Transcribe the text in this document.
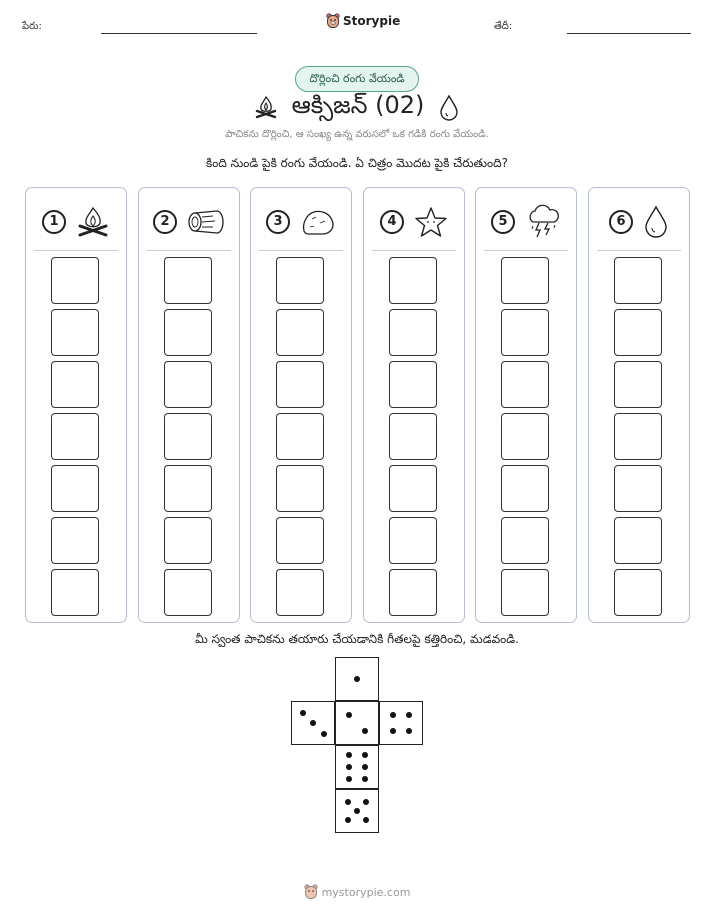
పేరు:	Storypie	తేదీ:
దొర్లించి రంగు వేయండి
ఆక్సిజన్ (02)
పాచికను దొర్లించి, ఆ సంఖ్య ఉన్న వరుసలో ఒక గడికి రంగు వేయండి.
కింది నుండి పైకి రంగు వేయండి. ఏ చిత్రం మొదట పైకి చేరుతుంది?
1	2	3	4	5	6
మీ స్వంత పాచికను తయారు చేయడానికి గీతలపై కత్తిరించి, మడవండి.
mystorypie.com
